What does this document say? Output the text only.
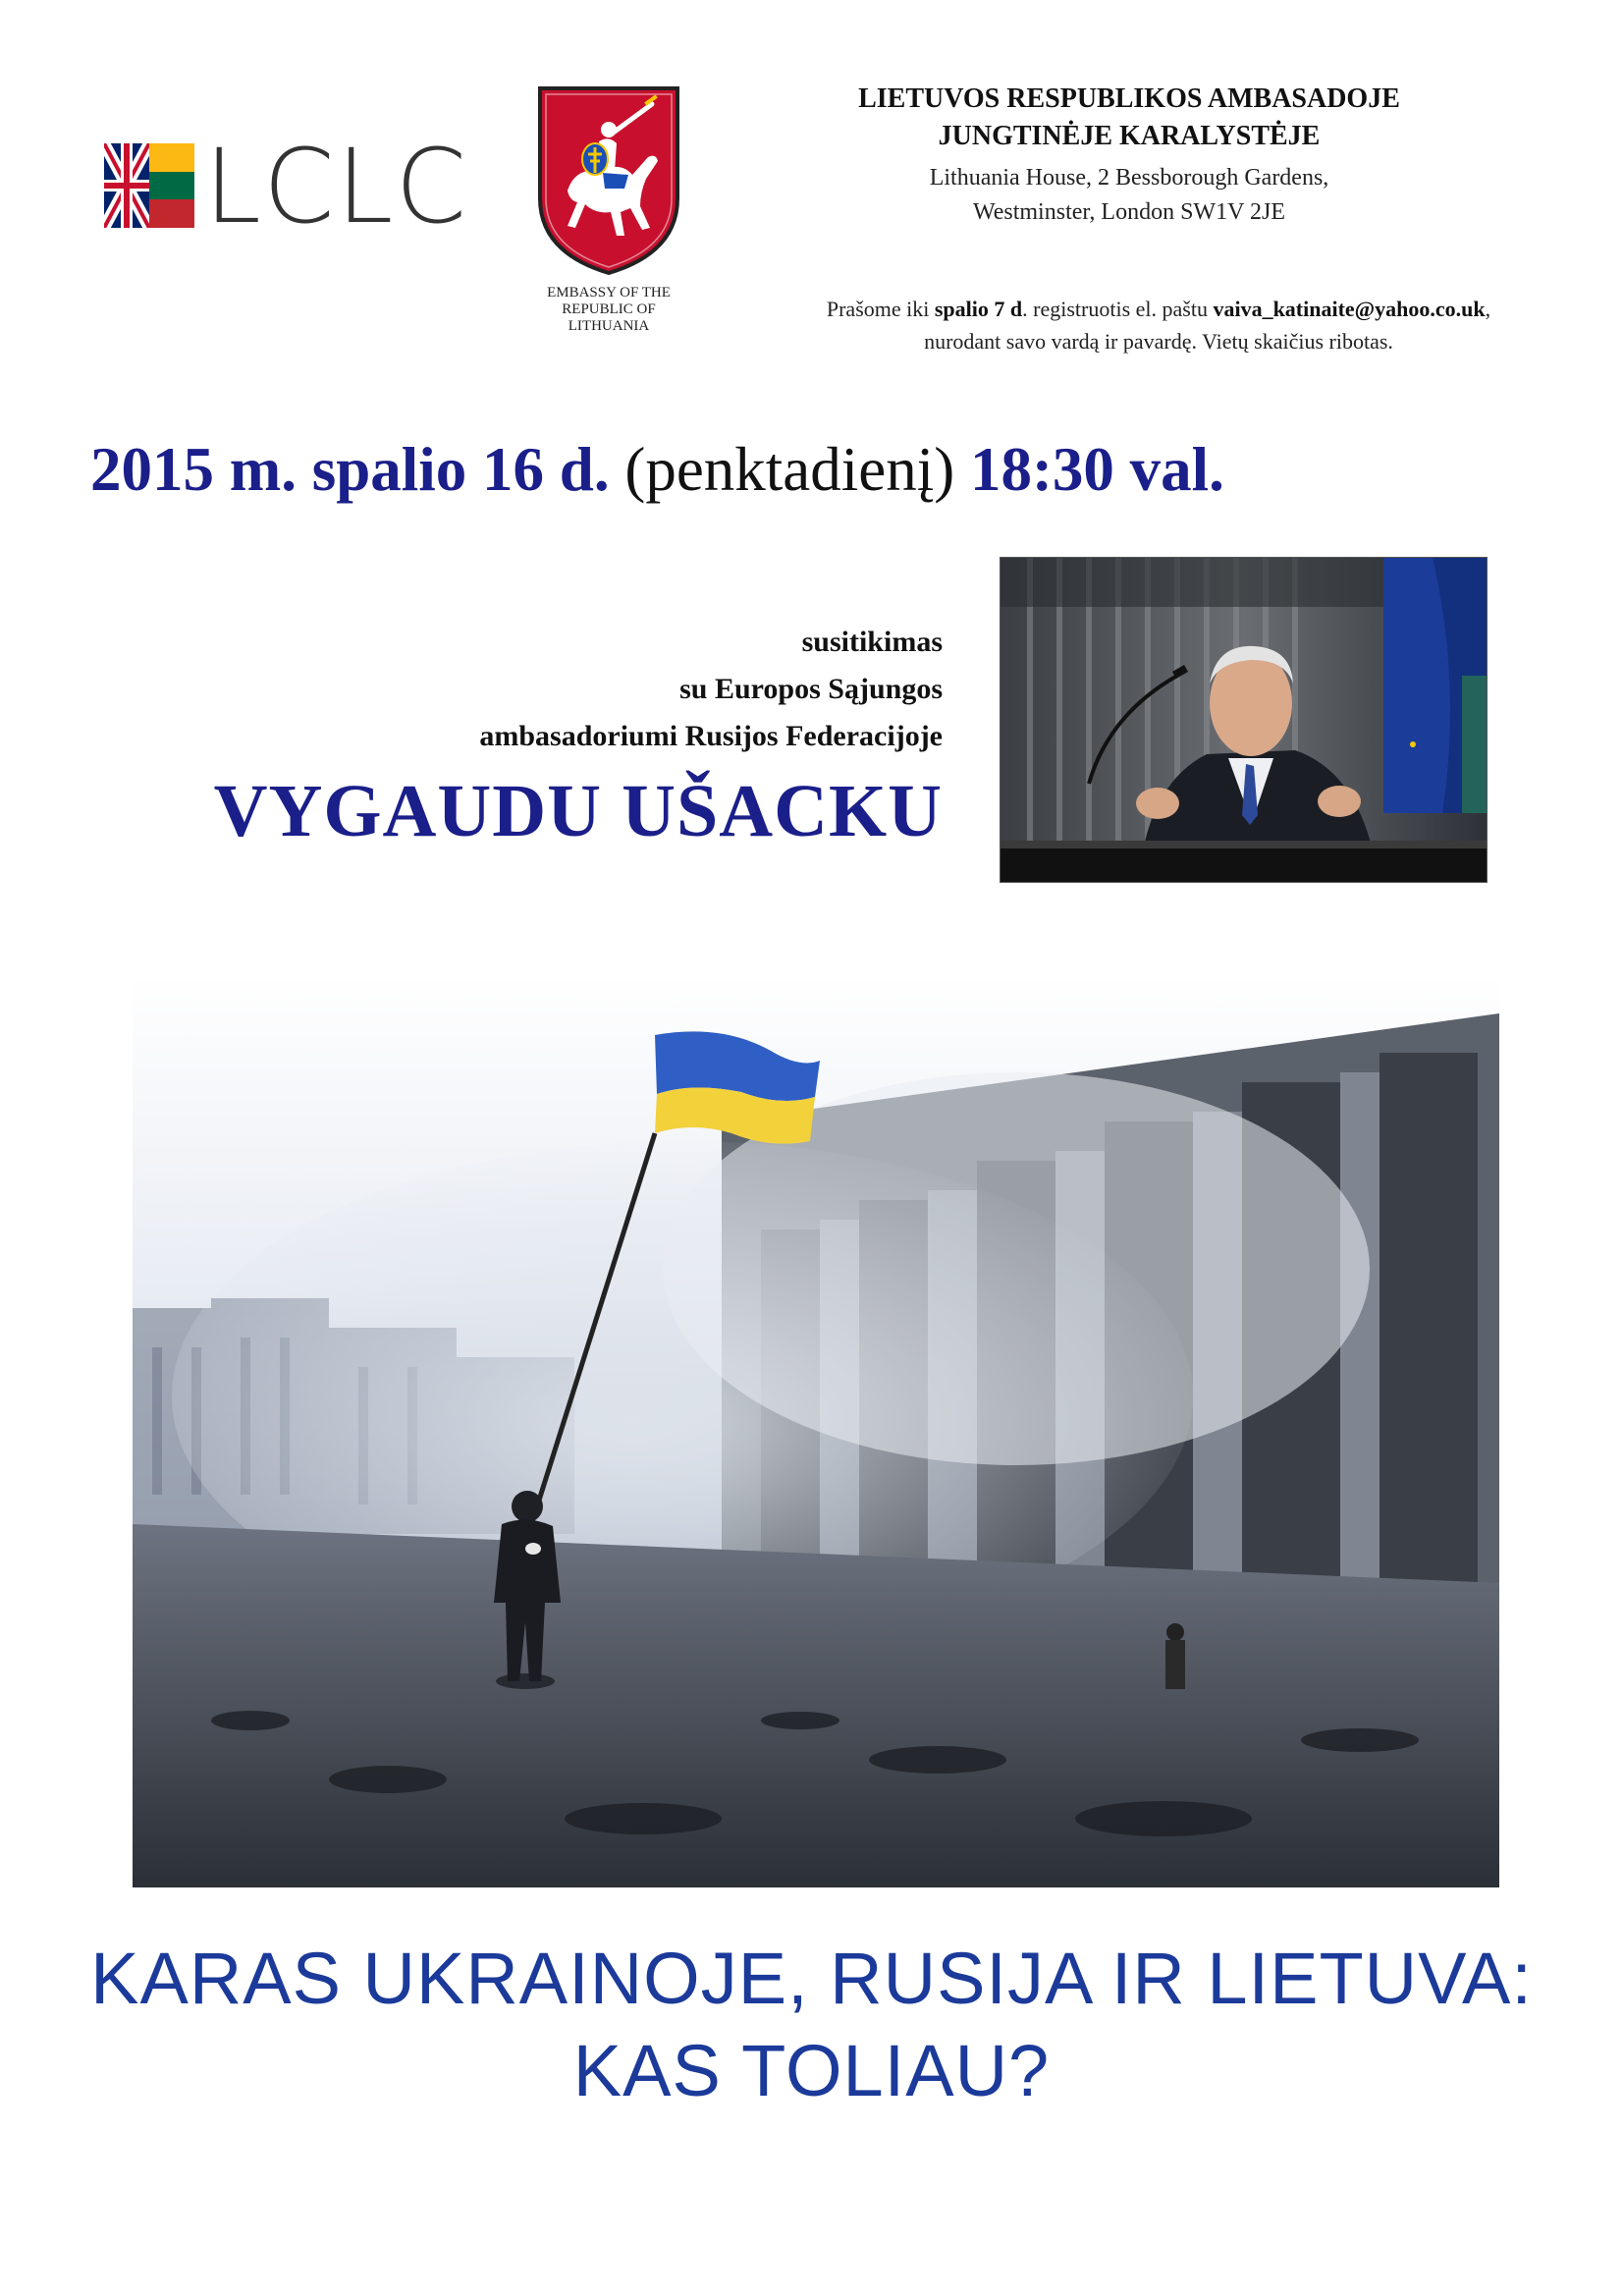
LCLC
EMBASSY OF THE
REPUBLIC OF
LITHUANIA
LIETUVOS RESPUBLIKOS AMBASADOJE
JUNGTINĖJE KARALYSTĖJE
Lithuania House, 2 Bessborough Gardens,
Westminster, London SW1V 2JE
Prašome iki spalio 7 d. registruotis el. paštu vaiva_katinaite@yahoo.co.uk,
nurodant savo vardą ir pavardę. Vietų skaičius ribotas.
2015 m. spalio 16 d. (penktadienį) 18:30 val.
susitikimas
su Europos Sąjungos
ambasadoriumi Rusijos Federacijoje
VYGAUDU UŠACKU
KARAS UKRAINOJE, RUSIJA IR LIETUVA:
KAS TOLIAU?
